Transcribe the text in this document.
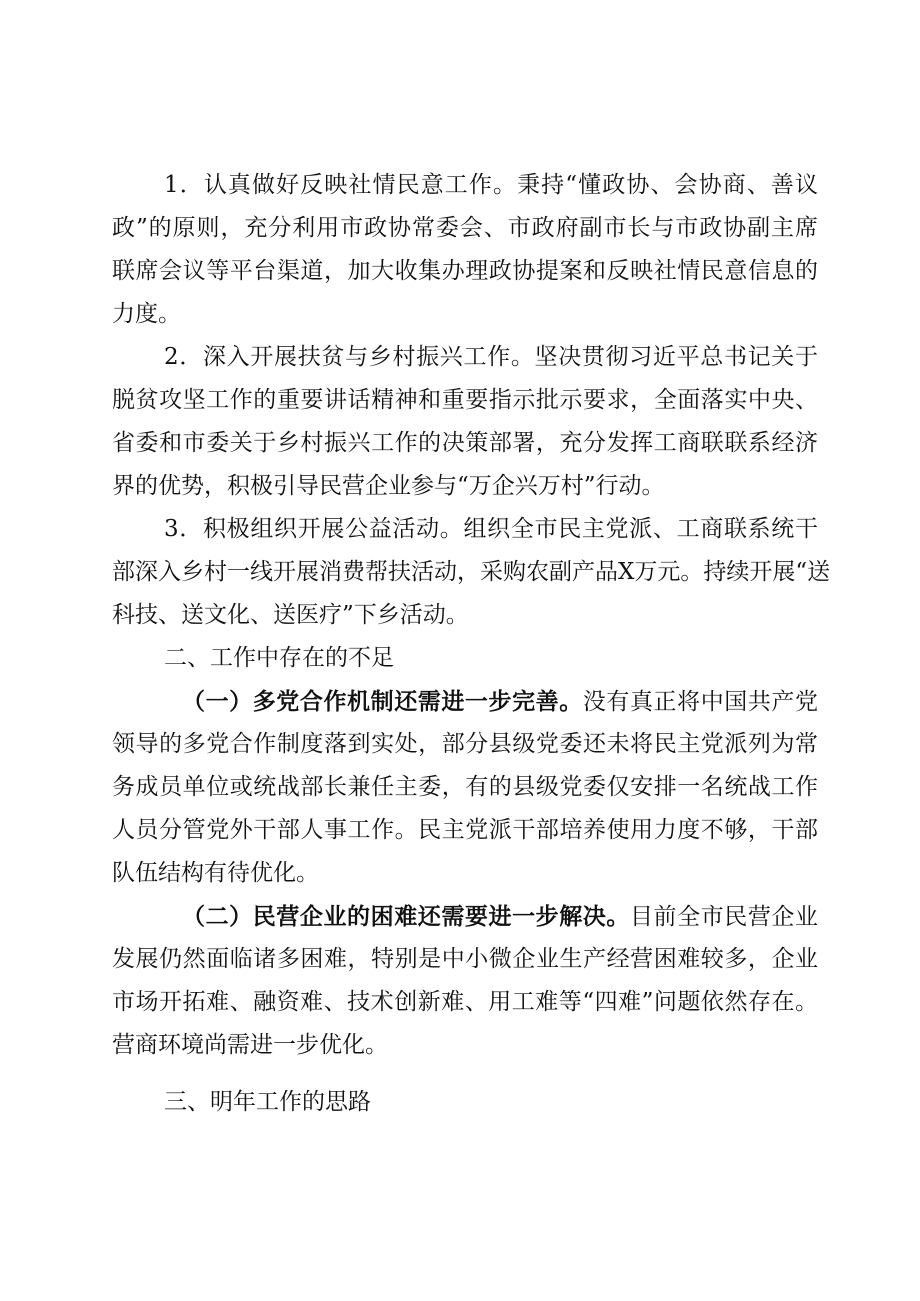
1．认真做好反映社情民意工作。秉持“懂政协、会协商、善议
政”的原则，充分利用市政协常委会、市政府副市长与市政协副主席
联席会议等平台渠道，加大收集办理政协提案和反映社情民意信息的
力度。
2．深入开展扶贫与乡村振兴工作。坚决贯彻习近平总书记关于
脱贫攻坚工作的重要讲话精神和重要指示批示要求，全面落实中央、
省委和市委关于乡村振兴工作的决策部署，充分发挥工商联联系经济
界的优势，积极引导民营企业参与“万企兴万村”行动。
3．积极组织开展公益活动。组织全市民主党派、工商联系统干
部深入乡村一线开展消费帮扶活动，采购农副产品X万元。持续开展“送
科技、送文化、送医疗”下乡活动。
二、工作中存在的不足
（一）多党合作机制还需进一步完善。没有真正将中国共产党
领导的多党合作制度落到实处，部分县级党委还未将民主党派列为常
务成员单位或统战部长兼任主委，有的县级党委仅安排一名统战工作
人员分管党外干部人事工作。民主党派干部培养使用力度不够，干部
队伍结构有待优化。
（二）民营企业的困难还需要进一步解决。目前全市民营企业
发展仍然面临诸多困难，特别是中小微企业生产经营困难较多，企业
市场开拓难、融资难、技术创新难、用工难等“四难”问题依然存在。
营商环境尚需进一步优化。
三、明年工作的思路
